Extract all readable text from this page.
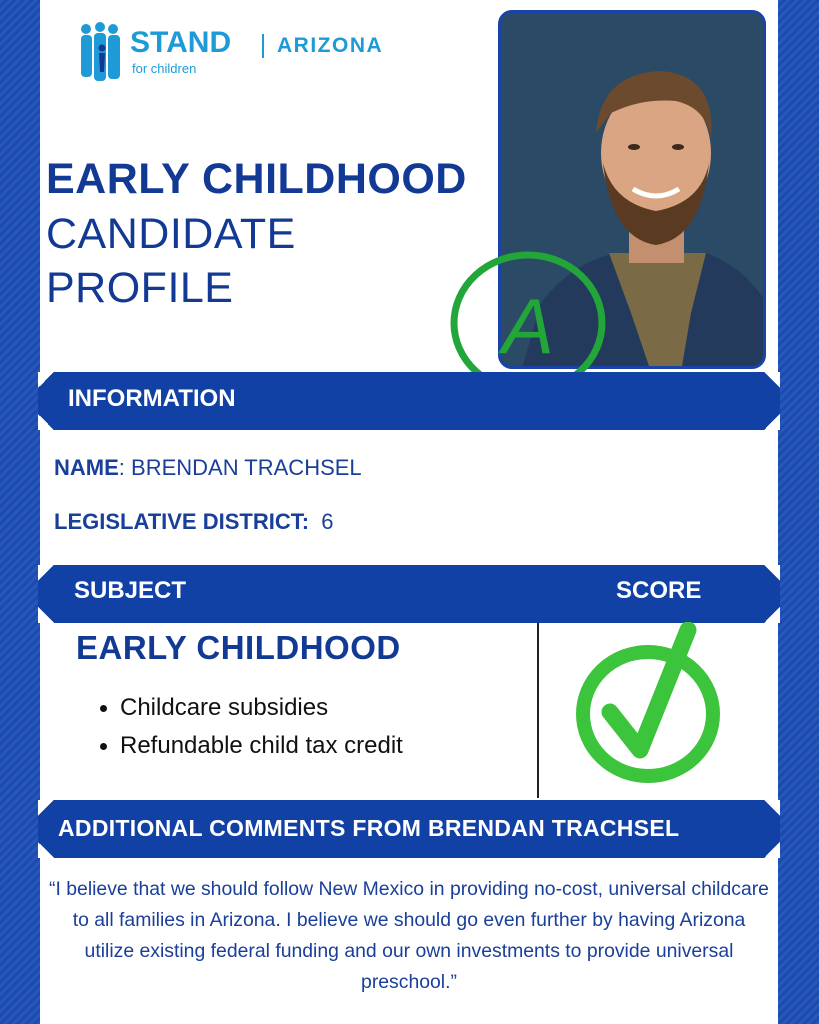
STAND
for children
ARIZONA
EARLY CHILDHOOD
CANDIDATE
PROFILE	A
INFORMATION
NAME: BRENDAN TRACHSEL
LEGISLATIVE DISTRICT: 6
SUBJECT	SCORE
EARLY CHILDHOOD
Childcare subsidies
Refundable child tax credit
ADDITIONAL COMMENTS FROM BRENDAN TRACHSEL
“I believe that we should follow New Mexico in providing no-cost, universal childcare to all families in Arizona. I believe we should go even further by having Arizona utilize existing federal funding and our own investments to provide universal preschool.”
